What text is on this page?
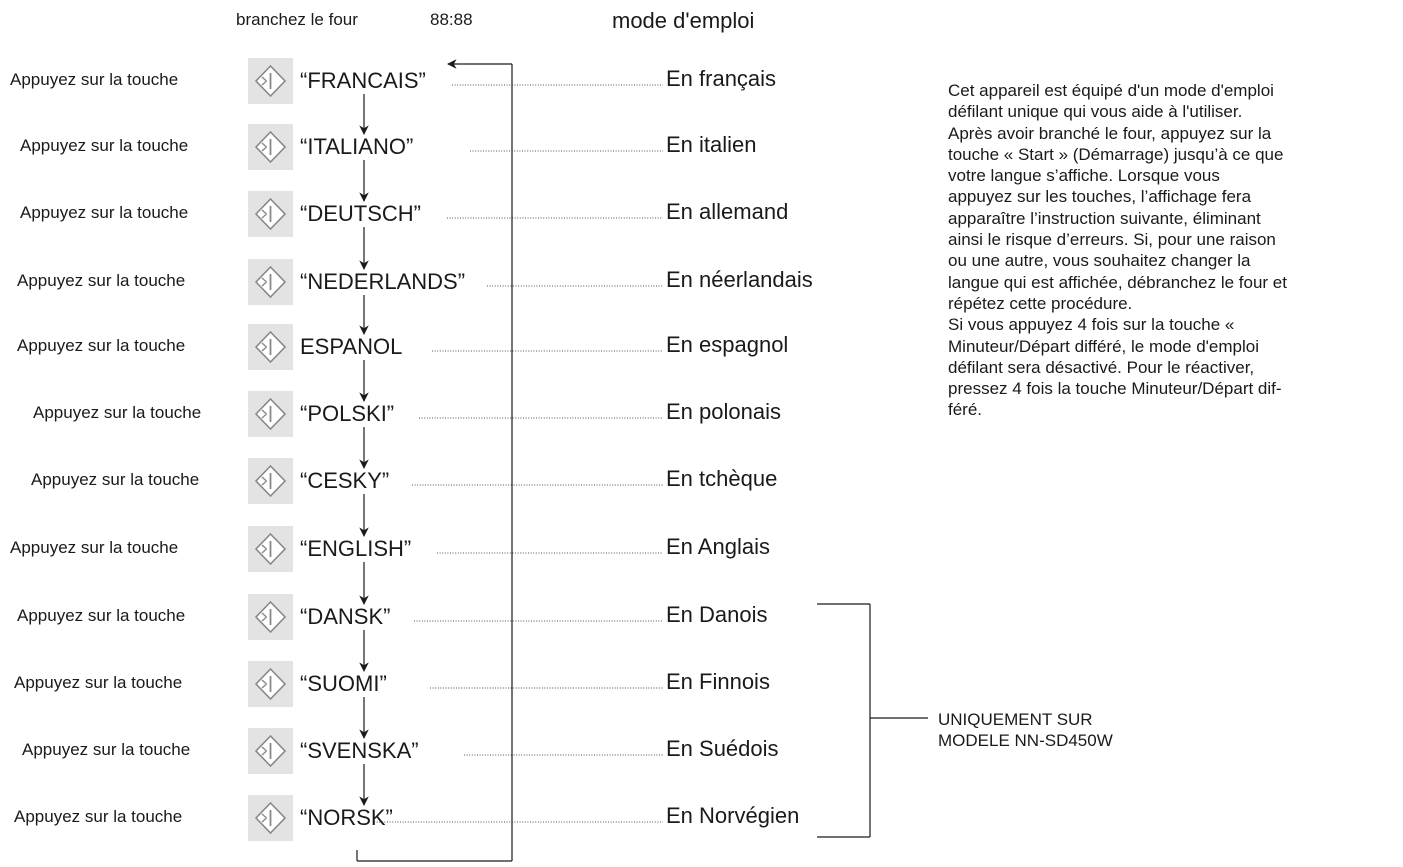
branchez le four	88:88	mode d'emploi
Appuyez sur la touche	“FRANCAIS”	En français
Appuyez sur la touche	“ITALIANO”	En italien
Appuyez sur la touche	“DEUTSCH”	En allemand
Appuyez sur la touche	“NEDERLANDS”	En néerlandais
Appuyez sur la touche	ESPANOL	En espagnol
Appuyez sur la touche	“POLSKI”	En polonais
Appuyez sur la touche	“CESKY”	En tchèque
Appuyez sur la touche	“ENGLISH”	En Anglais
Appuyez sur la touche	“DANSK”	En Danois
Appuyez sur la touche	“SUOMI”	En Finnois
Appuyez sur la touche	“SVENSKA”	En Suédois
Appuyez sur la touche	“NORSK”	En Norvégien
Cet appareil est équipé d'un mode d'emploi
défilant unique qui vous aide à l'utiliser.
Après avoir branché le four, appuyez sur la
touche « Start » (Démarrage) jusqu’à ce que
votre langue s’affiche. Lorsque vous
appuyez sur les touches, l’affichage fera
apparaître l’instruction suivante, éliminant
ainsi le risque d’erreurs. Si, pour une raison
ou une autre, vous souhaitez changer la
langue qui est affichée, débranchez le four et
répétez cette procédure.
Si vous appuyez 4 fois sur la touche «
Minuteur/Départ différé, le mode d'emploi
défilant sera désactivé. Pour le réactiver,
pressez 4 fois la touche Minuteur/Départ dif-
féré.
UNIQUEMENT SUR
MODELE NN-SD450W
